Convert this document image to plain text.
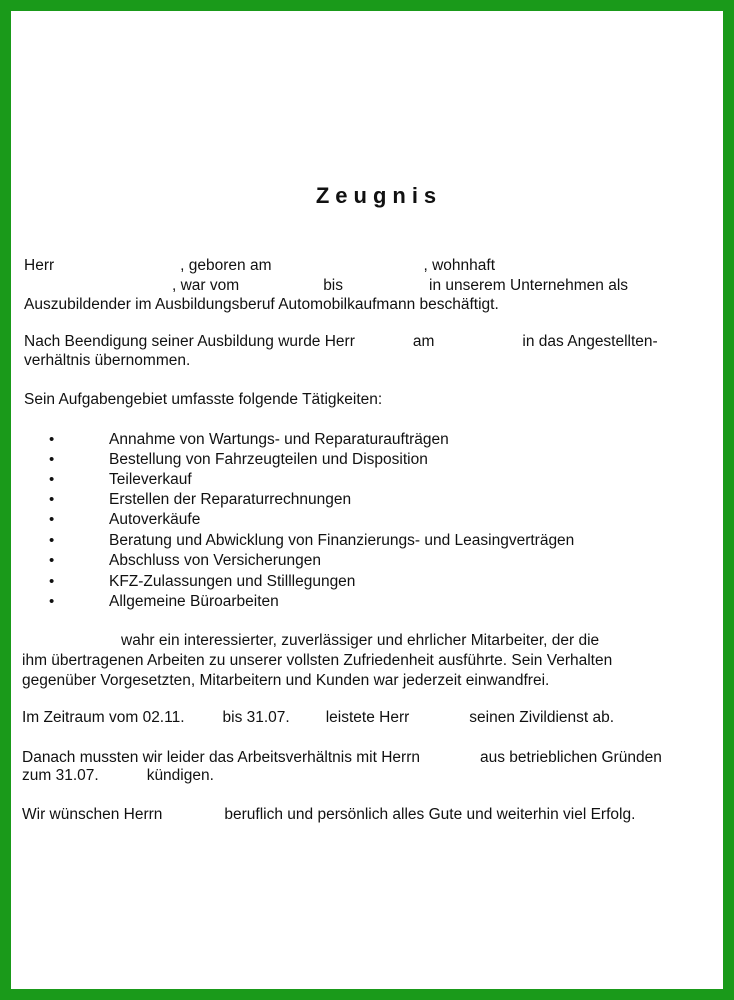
Zeugnis
Herr	, geboren am	, wohnhaft
, war vom	bis	in unserem Unternehmen als
Auszubildender im Ausbildungsberuf Automobilkaufmann beschäftigt.
Nach Beendigung seiner Ausbildung wurde Herr	am	in das Angestellten-
verhältnis übernommen.
Sein Aufgabengebiet umfasste folgende Tätigkeiten:
•	Annahme von Wartungs- und Reparaturaufträgen
•	Bestellung von Fahrzeugteilen und Disposition
•	Teileverkauf
•	Erstellen der Reparaturrechnungen
•	Autoverkäufe
•	Beratung und Abwicklung von Finanzierungs- und Leasingverträgen
•	Abschluss von Versicherungen
•	KFZ-Zulassungen und Stilllegungen
•	Allgemeine Büroarbeiten
wahr ein interessierter, zuverlässiger und ehrlicher Mitarbeiter, der die
ihm übertragenen Arbeiten zu unserer vollsten Zufriedenheit ausführte. Sein Verhalten
gegenüber Vorgesetzten, Mitarbeitern und Kunden war jederzeit einwandfrei.
Im Zeitraum vom 02.11. bis 31.07. leistete Herr	seinen Zivildienst ab.
Danach mussten wir leider das Arbeitsverhältnis mit Herrn	aus betrieblichen Gründen
zum 31.07.	kündigen.
Wir wünschen Herrn	beruflich und persönlich alles Gute und weiterhin viel Erfolg.
